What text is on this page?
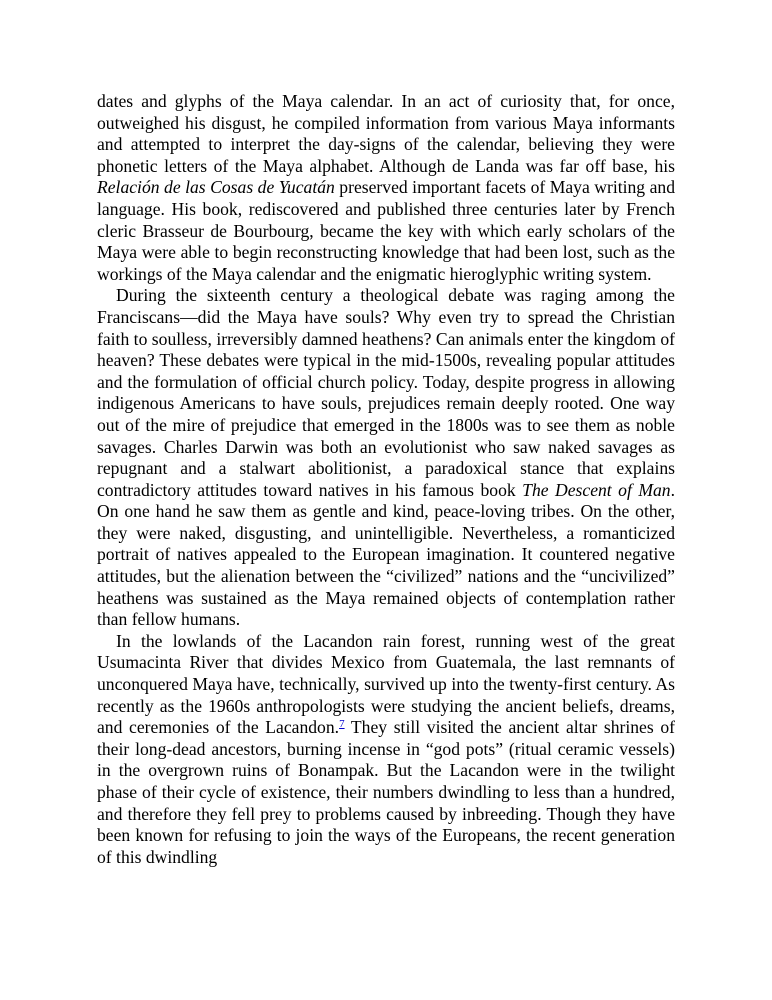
dates and glyphs of the Maya calendar. In an act of curiosity that, for once, outweighed his disgust, he compiled information from various Maya informants and attempted to interpret the day-signs of the calendar, believing they were phonetic letters of the Maya alphabet. Although de Landa was far off base, his Relación de las Cosas de Yucatán preserved important facets of Maya writing and language. His book, rediscovered and published three centuries later by French cleric Brasseur de Bourbourg, became the key with which early scholars of the Maya were able to begin reconstructing knowledge that had been lost, such as the workings of the Maya calendar and the enigmatic hieroglyphic writing system.

During the sixteenth century a theological debate was raging among the Franciscans—did the Maya have souls? Why even try to spread the Christian faith to soulless, irreversibly damned heathens? Can animals enter the kingdom of heaven? These debates were typical in the mid-1500s, revealing popular attitudes and the formulation of official church policy. Today, despite progress in allowing indigenous Americans to have souls, prejudices remain deeply rooted. One way out of the mire of prejudice that emerged in the 1800s was to see them as noble savages. Charles Darwin was both an evolutionist who saw naked savages as repugnant and a stalwart abolitionist, a paradoxical stance that explains contradictory attitudes toward natives in his famous book The Descent of Man. On one hand he saw them as gentle and kind, peace-loving tribes. On the other, they were naked, disgusting, and unintelligible. Nevertheless, a romanticized portrait of natives appealed to the European imagination. It countered negative attitudes, but the alienation between the “civilized” nations and the “uncivilized” heathens was sustained as the Maya remained objects of contemplation rather than fellow humans.

In the lowlands of the Lacandon rain forest, running west of the great Usumacinta River that divides Mexico from Guatemala, the last remnants of unconquered Maya have, technically, survived up into the twenty-first century. As recently as the 1960s anthropologists were studying the ancient beliefs, dreams, and ceremonies of the Lacandon.$^7$ They still visited the ancient altar shrines of their long-dead ancestors, burning incense in “god pots” (ritual ceramic vessels) in the overgrown ruins of Bonampak. But the Lacandon were in the twilight phase of their cycle of existence, their numbers dwindling to less than a hundred, and therefore they fell prey to problems caused by inbreeding. Though they have been known for refusing to join the ways of the Europeans, the recent generation of this dwindling
